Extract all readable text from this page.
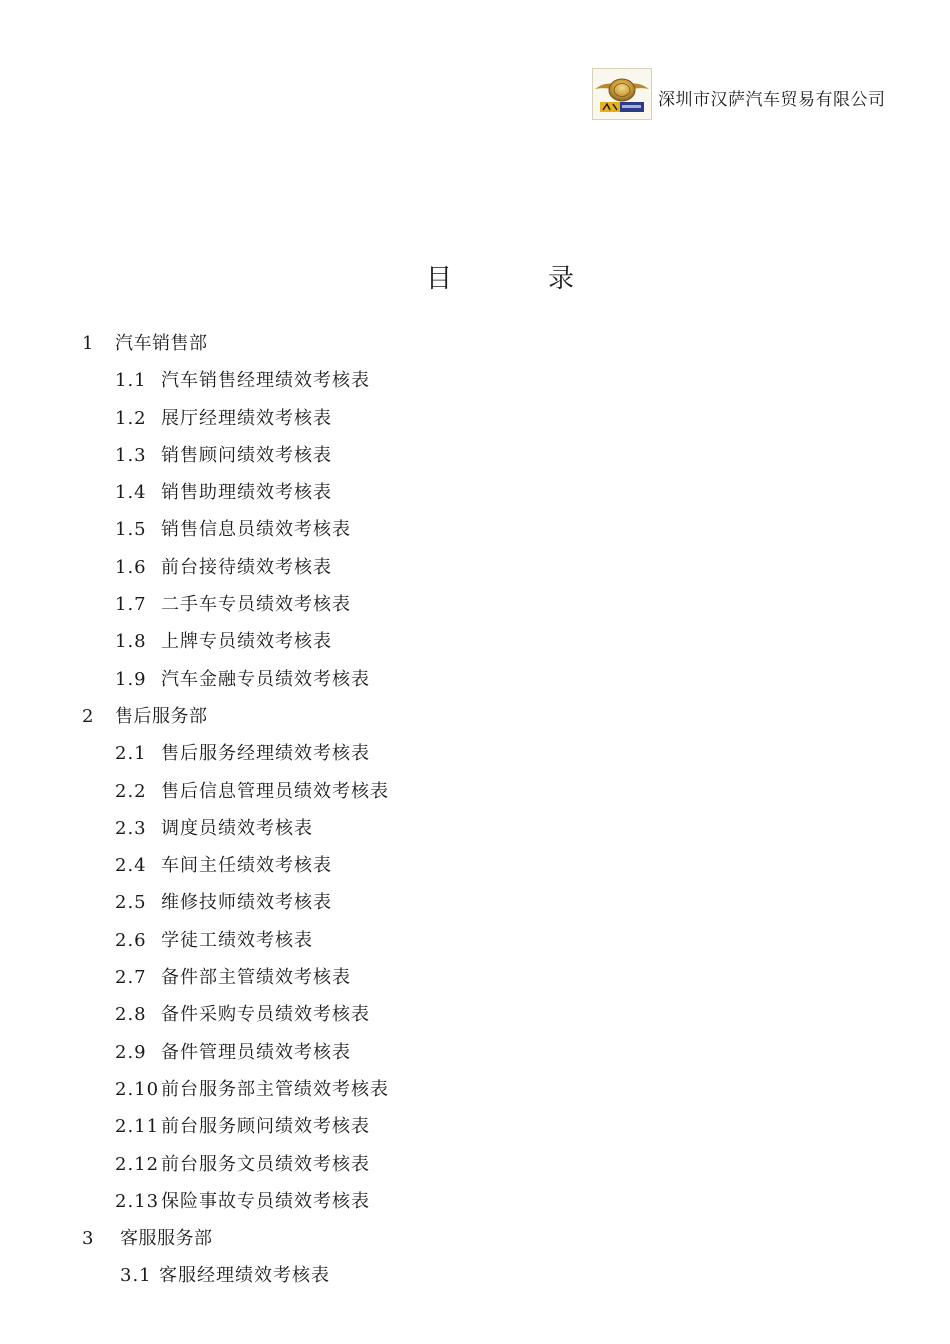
深圳市汉萨汽车贸易有限公司
目	录
1 汽车销售部
1.1 汽车销售经理绩效考核表
1.2 展厅经理绩效考核表
1.3 销售顾问绩效考核表
1.4 销售助理绩效考核表
1.5 销售信息员绩效考核表
1.6 前台接待绩效考核表
1.7 二手车专员绩效考核表
1.8 上牌专员绩效考核表
1.9 汽车金融专员绩效考核表
2 售后服务部
2.1 售后服务经理绩效考核表
2.2 售后信息管理员绩效考核表
2.3 调度员绩效考核表
2.4 车间主任绩效考核表
2.5 维修技师绩效考核表
2.6 学徒工绩效考核表
2.7 备件部主管绩效考核表
2.8 备件采购专员绩效考核表
2.9 备件管理员绩效考核表
2.10 前台服务部主管绩效考核表
2.11 前台服务顾问绩效考核表
2.12 前台服务文员绩效考核表
2.13 保险事故专员绩效考核表
3 客服服务部
3.1 客服经理绩效考核表
